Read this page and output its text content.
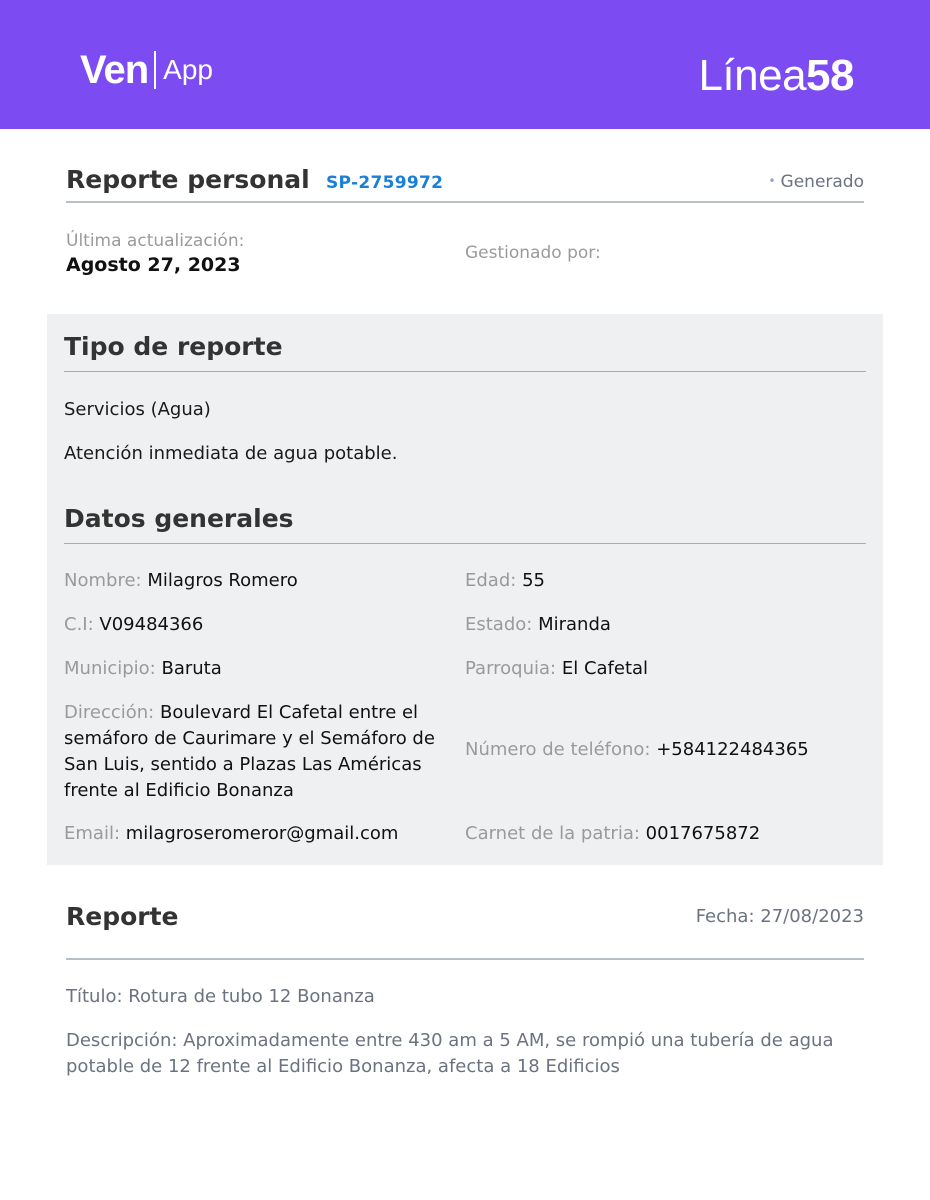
Ven App	Línea58
Reporte personal SP-2759972	• Generado
Última actualización:
Agosto 27, 2023
Gestionado por:
Tipo de reporte
Servicios (Agua)
Atención inmediata de agua potable.
Datos generales
Nombre: Milagros Romero	Edad: 55
C.I: V09484366	Estado: Miranda
Municipio: Baruta	Parroquia: El Cafetal
Dirección: Boulevard El Cafetal entre el semáforo de Caurimare y el Semáforo de San Luis, sentido a Plazas Las Américas frente al Edificio Bonanza
Número de teléfono: +584122484365
Email: milagroseromeror@gmail.com	Carnet de la patria: 0017675872
Reporte	Fecha: 27/08/2023
Título: Rotura de tubo 12 Bonanza
Descripción: Aproximadamente entre 430 am a 5 AM, se rompió una tubería de agua potable de 12 frente al Edificio Bonanza, afecta a 18 Edificios
